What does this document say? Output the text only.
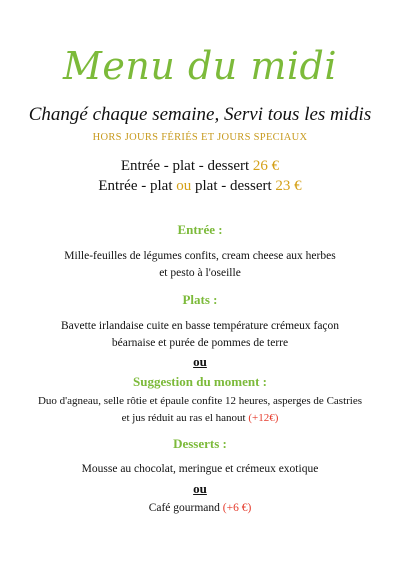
Menu du midi
Changé chaque semaine, Servi tous les midis
HORS JOURS FÉRIÉS ET JOURS SPECIAUX
Entrée - plat - dessert 26 €
Entrée - plat ou plat - dessert 23 €
Entrée :
Mille-feuilles de légumes confits, cream cheese aux herbes
et pesto à l'oseille
Plats :
Bavette irlandaise cuite en basse température crémeux façon
béarnaise et purée de pommes de terre
ou
Suggestion du moment :
Duo d'agneau, selle rôtie et épaule confite 12 heures, asperges de Castries
et jus réduit au ras el hanout (+12€)
Desserts :
Mousse au chocolat, meringue et crémeux exotique
ou
Café gourmand (+6 €)
